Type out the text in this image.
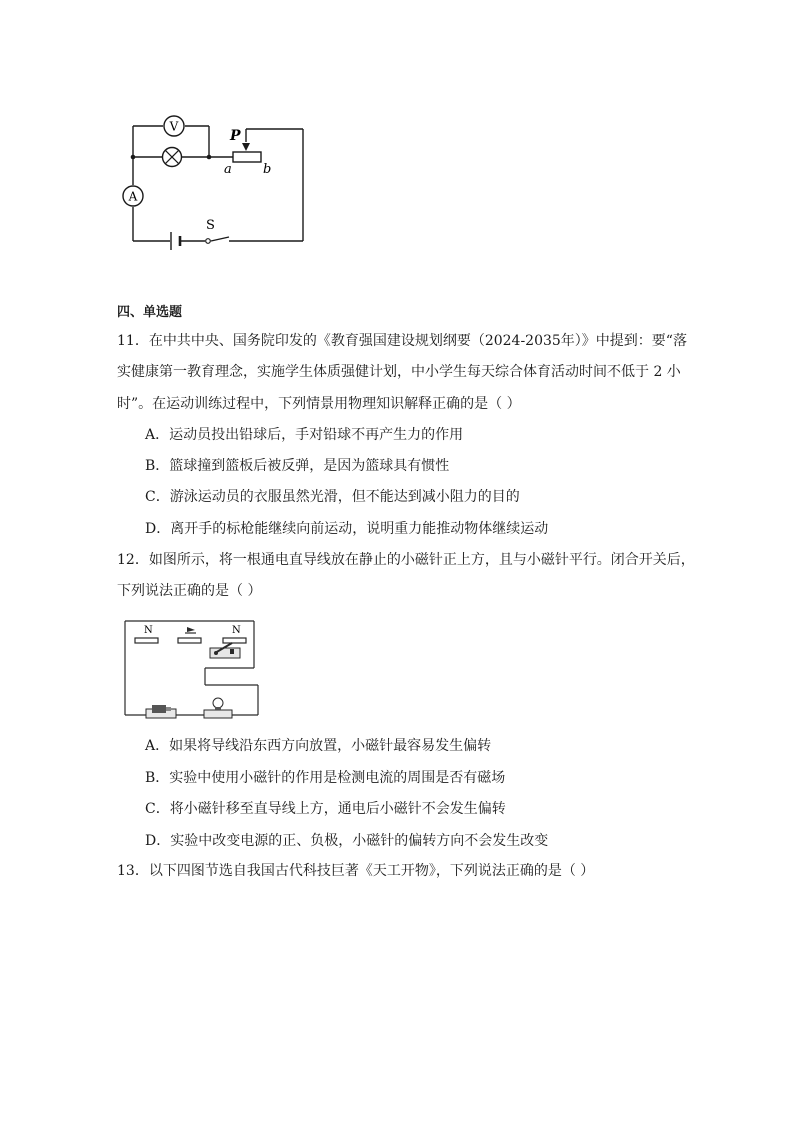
V
A
P
a b
S
四、单选题
11．在中共中央、国务院印发的《教育强国建设规划纲要（2024-2035年）》中提到：要“落
实健康第一教育理念，实施学生体质强健计划，中小学生每天综合体育活动时间不低于 2 小
时”。在运动训练过程中，下列情景用物理知识解释正确的是（ ）
A．运动员投出铅球后，手对铅球不再产生力的作用
B．篮球撞到篮板后被反弹，是因为篮球具有惯性
C．游泳运动员的衣服虽然光滑，但不能达到减小阻力的目的
D．离开手的标枪能继续向前运动，说明重力能推动物体继续运动
12．如图所示，将一根通电直导线放在静止的小磁针正上方，且与小磁针平行。闭合开关后，
下列说法正确的是（ ）
N	N
A．如果将导线沿东西方向放置，小磁针最容易发生偏转
B．实验中使用小磁针的作用是检测电流的周围是否有磁场
C．将小磁针移至直导线上方，通电后小磁针不会发生偏转
D．实验中改变电源的正、负极，小磁针的偏转方向不会发生改变
13．以下四图节选自我国古代科技巨著《天工开物》，下列说法正确的是（ ）
